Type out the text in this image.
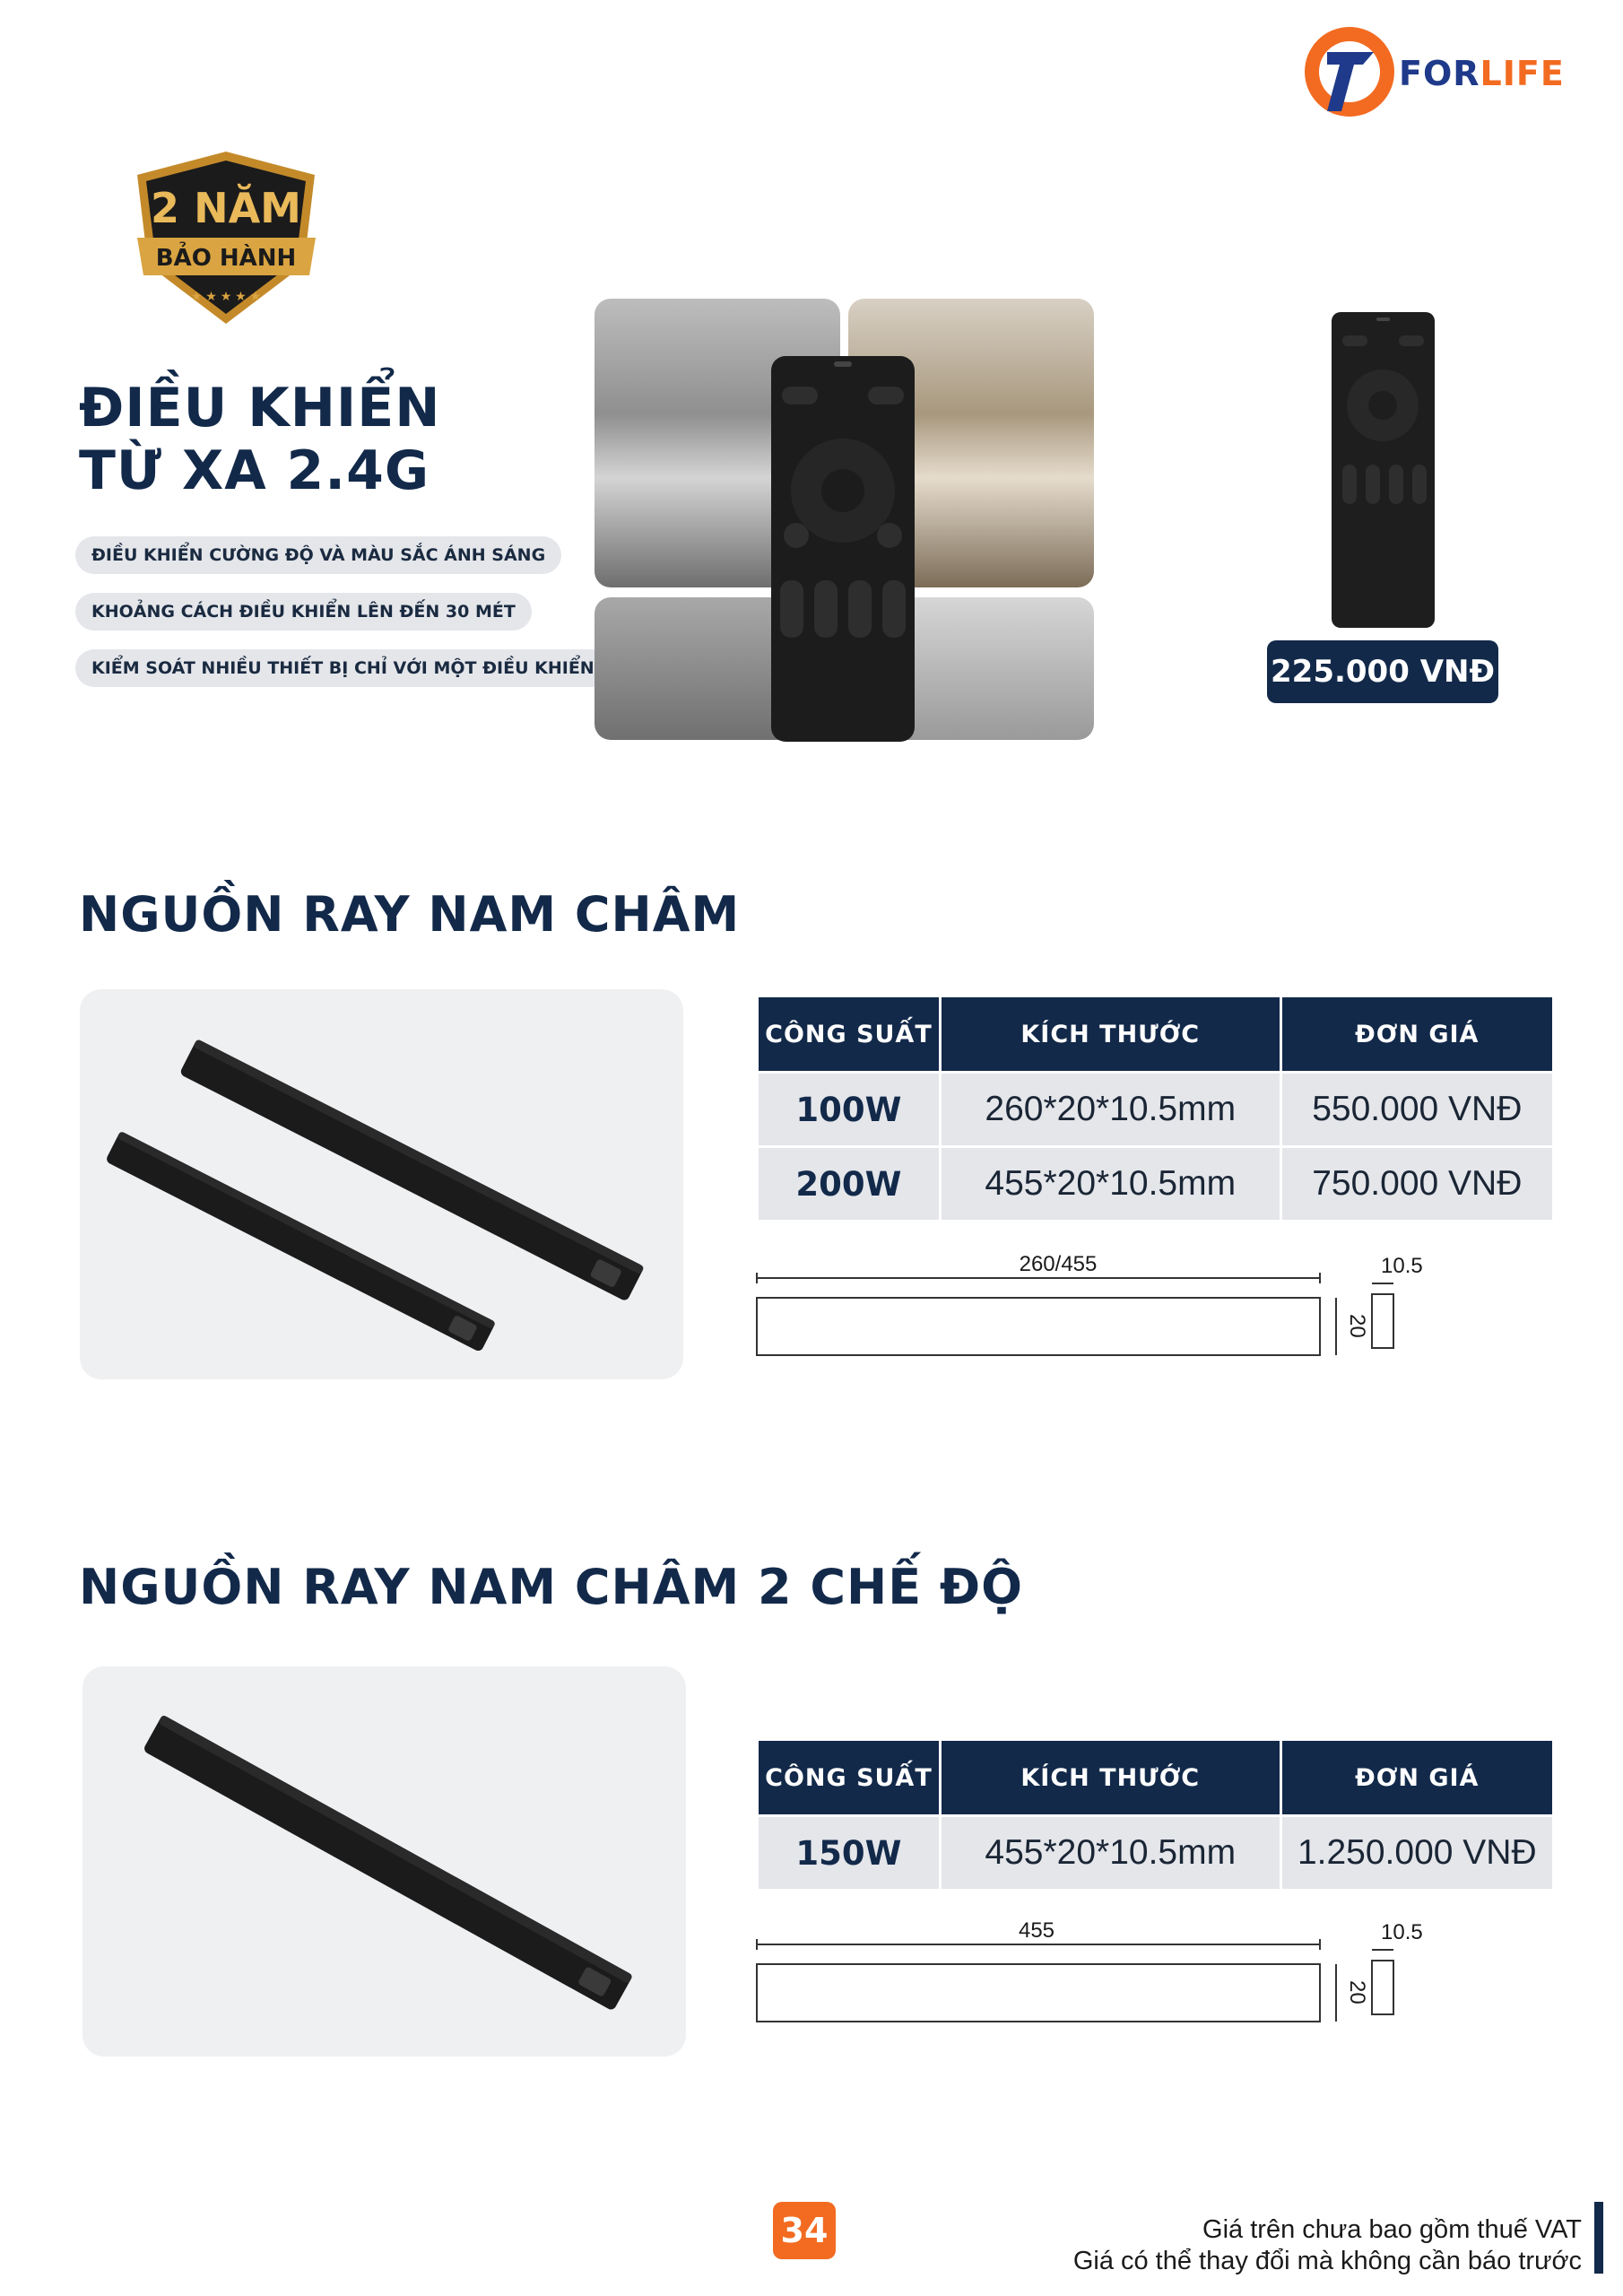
FORLIFE
2 NĂM
BẢO HÀNH
★ ★ ★ ★ ★
ĐIỀU KHIỂN
TỪ XA 2.4G
ĐIỀU KHIỂN CƯỜNG ĐỘ VÀ MÀU SẮC ÁNH SÁNG
KHOẢNG CÁCH ĐIỀU KHIỂN LÊN ĐẾN 30 MÉT
KIỂM SOÁT NHIỀU THIẾT BỊ CHỈ VỚI MỘT ĐIỀU KHIỂN	225.000 VNĐ
NGUỒN RAY NAM CHÂM
CÔNG SUẤT	KÍCH THƯỚC	ĐƠN GIÁ
100W	260*20*10.5mm	550.000 VNĐ
200W	455*20*10.5mm	750.000 VNĐ
260/455
20
10.5
NGUỒN RAY NAM CHÂM 2 CHẾ ĐỘ
CÔNG SUẤT	KÍCH THƯỚC	ĐƠN GIÁ
150W	455*20*10.5mm	1.250.000 VNĐ
455
20
10.5
34	Giá trên chưa bao gồm thuế VAT
Giá có thể thay đổi mà không cần báo trước
